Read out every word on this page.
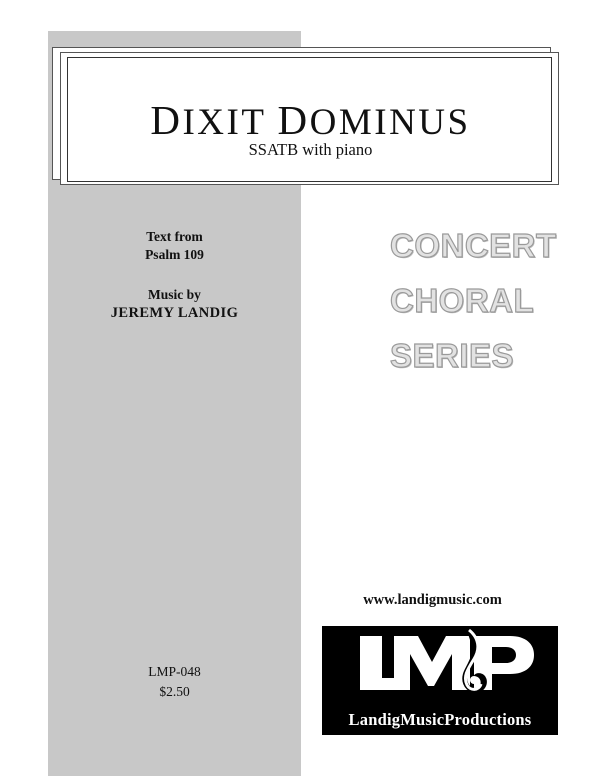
DIXIT DOMINUS
SSATB with piano
Text from
Psalm 109
Music by
JEREMY LANDIG
CONCERT
CHORAL
SERIES
www.landigmusic.com
LandigMusicProductions
LMP-048
$2.50
